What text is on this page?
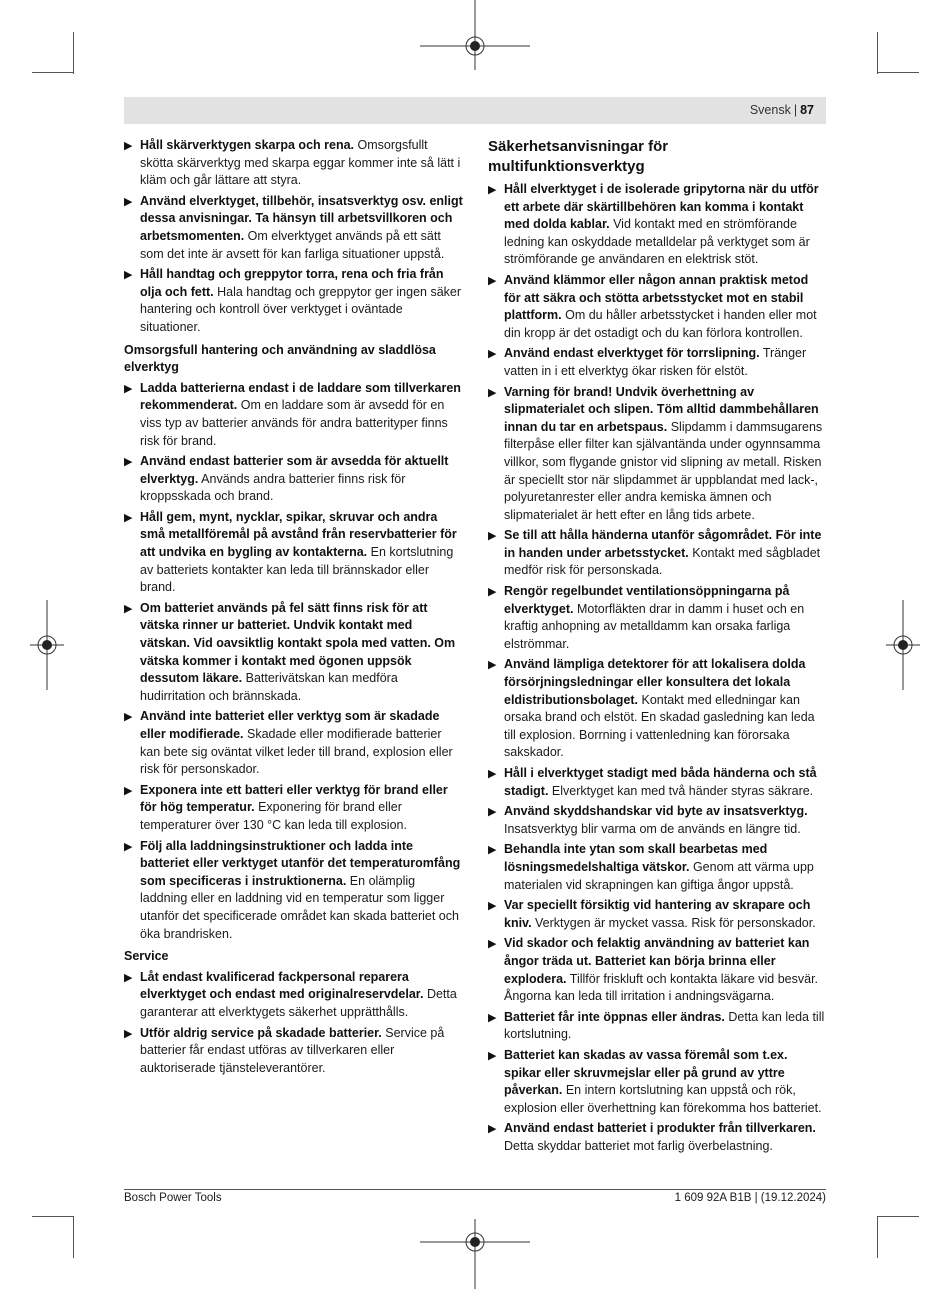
Svensk | 87
▶ Håll skärverktygen skarpa och rena. Omsorgsfullt skötta skärverktyg med skarpa eggar kommer inte så lätt i kläm och går lättare att styra.
▶ Använd elverktyget, tillbehör, insatsverktyg osv. enligt dessa anvisningar. Ta hänsyn till arbetsvillkoren och arbetsmomenten. Om elverktyget används på ett sätt som det inte är avsett för kan farliga situationer uppstå.
▶ Håll handtag och greppytor torra, rena och fria från olja och fett. Hala handtag och greppytor ger ingen säker hantering och kontroll över verktyget i oväntade situationer.
Omsorgsfull hantering och användning av sladdlösa elverktyg
▶ Ladda batterierna endast i de laddare som tillverkaren rekommenderat. Om en laddare som är avsedd för en viss typ av batterier används för andra batterityper finns risk för brand.
▶ Använd endast batterier som är avsedda för aktuellt elverktyg. Används andra batterier finns risk för kroppsskada och brand.
▶ Håll gem, mynt, nycklar, spikar, skruvar och andra små metallföremål på avstånd från reservbatterier för att undvika en bygling av kontakterna. En kortslutning av batteriets kontakter kan leda till brännskador eller brand.
▶ Om batteriet används på fel sätt finns risk för att vätska rinner ur batteriet. Undvik kontakt med vätskan. Vid oavsiktlig kontakt spola med vatten. Om vätska kommer i kontakt med ögonen uppsök dessutom läkare. Batterivätskan kan medföra hudirritation och brännskada.
▶ Använd inte batteriet eller verktyg som är skadade eller modifierade. Skadade eller modifierade batterier kan bete sig oväntat vilket leder till brand, explosion eller risk för personskador.
▶ Exponera inte ett batteri eller verktyg för brand eller för hög temperatur. Exponering för brand eller temperaturer över 130 °C kan leda till explosion.
▶ Följ alla laddningsinstruktioner och ladda inte batteriet eller verktyget utanför det temperaturomfång som specificeras i instruktionerna. En olämplig laddning eller en laddning vid en temperatur som ligger utanför det specificerade området kan skada batteriet och öka brandrisken.
Service
▶ Låt endast kvalificerad fackpersonal reparera elverktyget och endast med originalreservdelar. Detta garanterar att elverktygets säkerhet upprätthålls.
▶ Utför aldrig service på skadade batterier. Service på batterier får endast utföras av tillverkaren eller auktoriserade tjänsteleverantörer.
Säkerhetsanvisningar för multifunktionsverktyg
▶ Håll elverktyget i de isolerade gripytorna när du utför ett arbete där skärtillbehören kan komma i kontakt med dolda kablar. Vid kontakt med en strömförande ledning kan oskyddade metalldelar på verktyget som är strömförande ge användaren en elektrisk stöt.
▶ Använd klämmor eller någon annan praktisk metod för att säkra och stötta arbetsstycket mot en stabil plattform. Om du håller arbetsstycket i handen eller mot din kropp är det ostadigt och du kan förlora kontrollen.
▶ Använd endast elverktyget för torrslipning. Tränger vatten in i ett elverktyg ökar risken för elstöt.
▶ Varning för brand! Undvik överhettning av slipmaterialet och slipen. Töm alltid dammbehållaren innan du tar en arbetspaus. Slipdamm i dammsugarens filterpåse eller filter kan självantända under ogynnsamma villkor, som flygande gnistor vid slipning av metall. Risken är speciellt stor när slipdammet är uppblandat med lack-, polyuretanrester eller andra kemiska ämnen och slipmaterialet är hett efter en lång tids arbete.
▶ Se till att hålla händerna utanför sågområdet. För inte in handen under arbetsstycket. Kontakt med sågbladet medför risk för personskada.
▶ Rengör regelbundet ventilationsöppningarna på elverktyget. Motorfläkten drar in damm i huset och en kraftig anhopning av metalldamm kan orsaka farliga elströmmar.
▶ Använd lämpliga detektorer för att lokalisera dolda försörjningsledningar eller konsultera det lokala eldistributionsbolaget. Kontakt med elledningar kan orsaka brand och elstöt. En skadad gasledning kan leda till explosion. Borrning i vattenledning kan förorsaka sakskador.
▶ Håll i elverktyget stadigt med båda händerna och stå stadigt. Elverktyget kan med två händer styras säkrare.
▶ Använd skyddshandskar vid byte av insatsverktyg. Insatsverktyg blir varma om de används en längre tid.
▶ Behandla inte ytan som skall bearbetas med lösningsmedelshaltiga vätskor. Genom att värma upp materialen vid skrapningen kan giftiga ångor uppstå.
▶ Var speciellt försiktig vid hantering av skrapare och kniv. Verktygen är mycket vassa. Risk för personskador.
▶ Vid skador och felaktig användning av batteriet kan ångor träda ut. Batteriet kan börja brinna eller explodera. Tillför friskluft och kontakta läkare vid besvär. Ångorna kan leda till irritation i andningsvägarna.
▶ Batteriet får inte öppnas eller ändras. Detta kan leda till kortslutning.
▶ Batteriet kan skadas av vassa föremål som t.ex. spikar eller skruvmejslar eller på grund av yttre påverkan. En intern kortslutning kan uppstå och rök, explosion eller överhettning kan förekomma hos batteriet.
▶ Använd endast batteriet i produkter från tillverkaren. Detta skyddar batteriet mot farlig överbelastning.
Bosch Power Tools	1 609 92A B1B | (19.12.2024)
